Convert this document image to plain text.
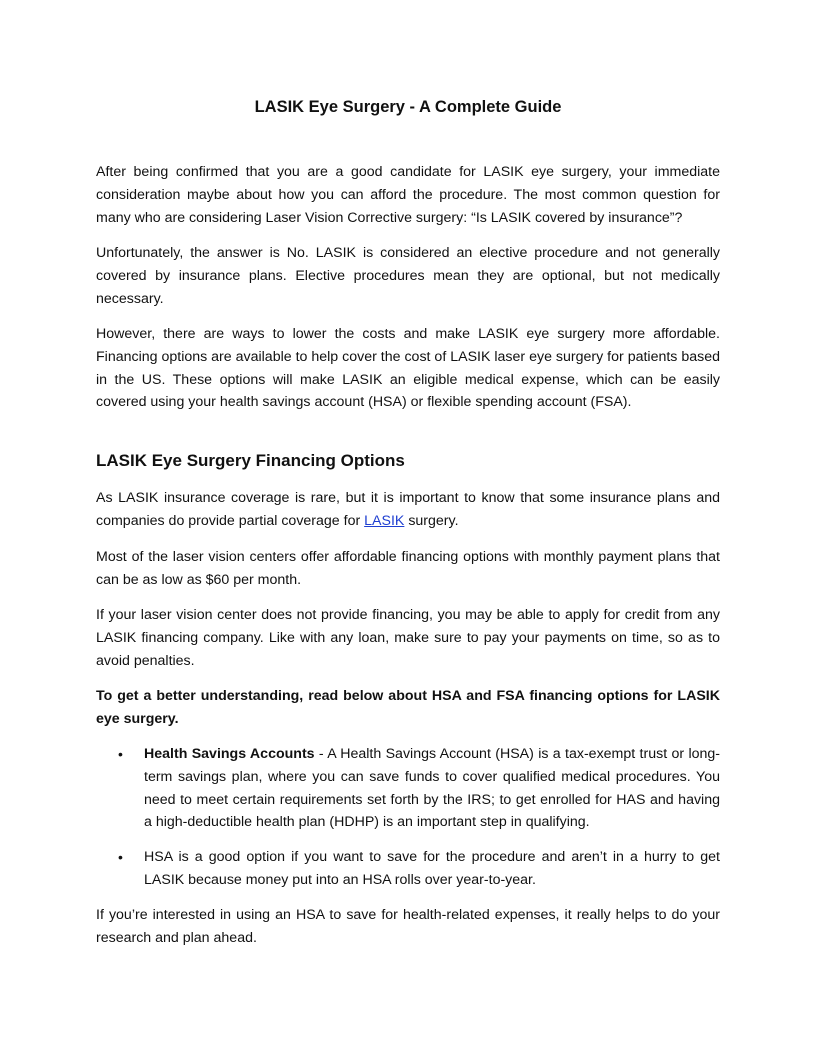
LASIK Eye Surgery - A Complete Guide

After being confirmed that you are a good candidate for LASIK eye surgery, your immediate consideration maybe about how you can afford the procedure. The most common question for many who are considering Laser Vision Corrective surgery: “Is LASIK covered by insurance”?

Unfortunately, the answer is No. LASIK is considered an elective procedure and not generally covered by insurance plans. Elective procedures mean they are optional, but not medically necessary.

However, there are ways to lower the costs and make LASIK eye surgery more affordable. Financing options are available to help cover the cost of LASIK laser eye surgery for patients based in the US. These options will make LASIK an eligible medical expense, which can be easily covered using your health savings account (HSA) or flexible spending account (FSA).

LASIK Eye Surgery Financing Options

As LASIK insurance coverage is rare, but it is important to know that some insurance plans and companies do provide partial coverage for LASIK surgery.

Most of the laser vision centers offer affordable financing options with monthly payment plans that can be as low as $60 per month.

If your laser vision center does not provide financing, you may be able to apply for credit from any LASIK financing company. Like with any loan, make sure to pay your payments on time, so as to avoid penalties.

To get a better understanding, read below about HSA and FSA financing options for LASIK eye surgery.

• Health Savings Accounts - A Health Savings Account (HSA) is a tax-exempt trust or long-term savings plan, where you can save funds to cover qualified medical procedures. You need to meet certain requirements set forth by the IRS; to get enrolled for HAS and having a high-deductible health plan (HDHP) is an important step in qualifying.
• HSA is a good option if you want to save for the procedure and aren’t in a hurry to get LASIK because money put into an HSA rolls over year-to-year.

If you’re interested in using an HSA to save for health-related expenses, it really helps to do your research and plan ahead.
